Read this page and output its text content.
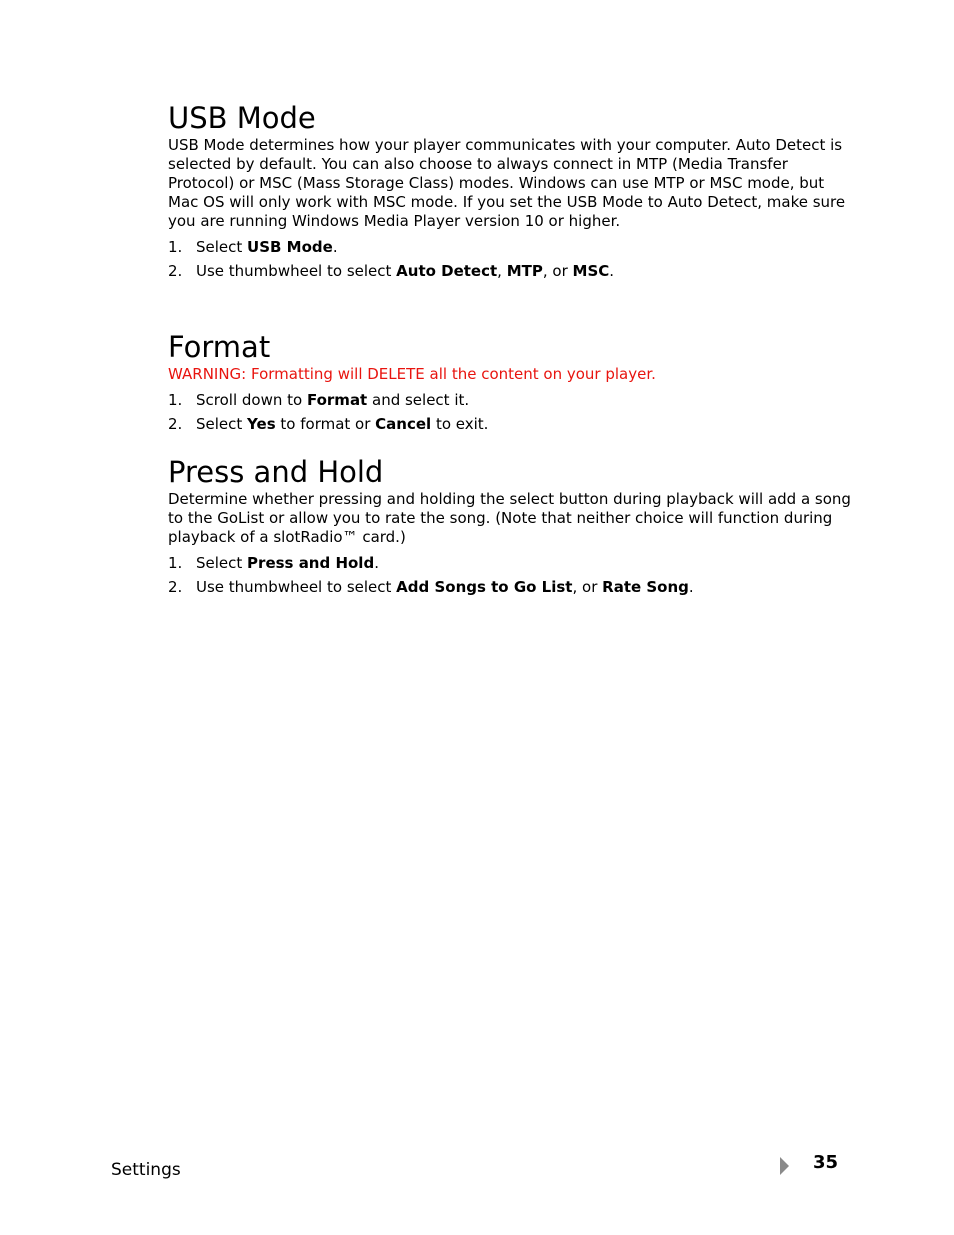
USB Mode

USB Mode determines how your player communicates with your computer. Auto Detect is selected by default. You can also choose to always connect in MTP (Media Transfer Protocol) or MSC (Mass Storage Class) modes. Windows can use MTP or MSC mode, but Mac OS will only work with MSC mode. If you set the USB Mode to Auto Detect, make sure you are running Windows Media Player version 10 or higher.

1. Select USB Mode.
2. Use thumbwheel to select Auto Detect, MTP, or MSC.
Format

WARNING: Formatting will DELETE all the content on your player.

1. Scroll down to Format and select it.
2. Select Yes to format or Cancel to exit.
Press and Hold

Determine whether pressing and holding the select button during playback will add a song to the GoList or allow you to rate the song. (Note that neither choice will function during playback of a slotRadio™ card.)

1. Select Press and Hold.
2. Use thumbwheel to select Add Songs to Go List, or Rate Song.
Settings	35
